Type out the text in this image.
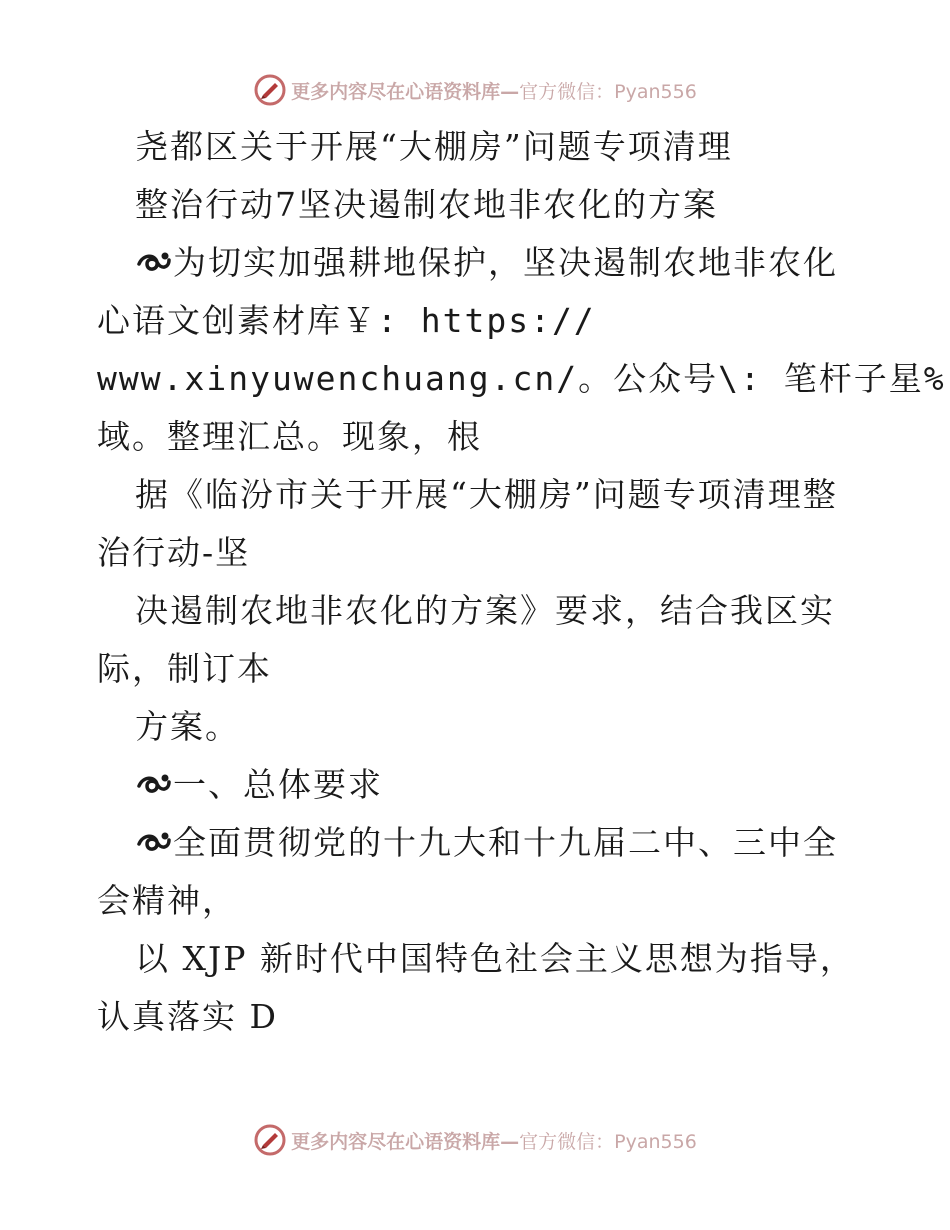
更多内容尽在心语资料库—官方微信：Pyan556
尧都区关于开展“大棚房”问题专项清理
整治行动7坚决遏制农地非农化的方案
为切实加强耕地保护，坚决遏制农地非农化
心语文创素材库￥: https://
www.xinyuwenchuang.cn/。公众号\: 笔杆子星%
域。整理汇总。现象，根
据《临汾市关于开展“大棚房”问题专项清理整
治行动-坚
决遏制农地非农化的方案》要求，结合我区实
际，制订本
方案。
一、总体要求
全面贯彻党的十九大和十九届二中、三中全
会精神，
以 XJP 新时代中国特色社会主义思想为指导，
认真落实 D
更多内容尽在心语资料库—官方微信：Pyan556
